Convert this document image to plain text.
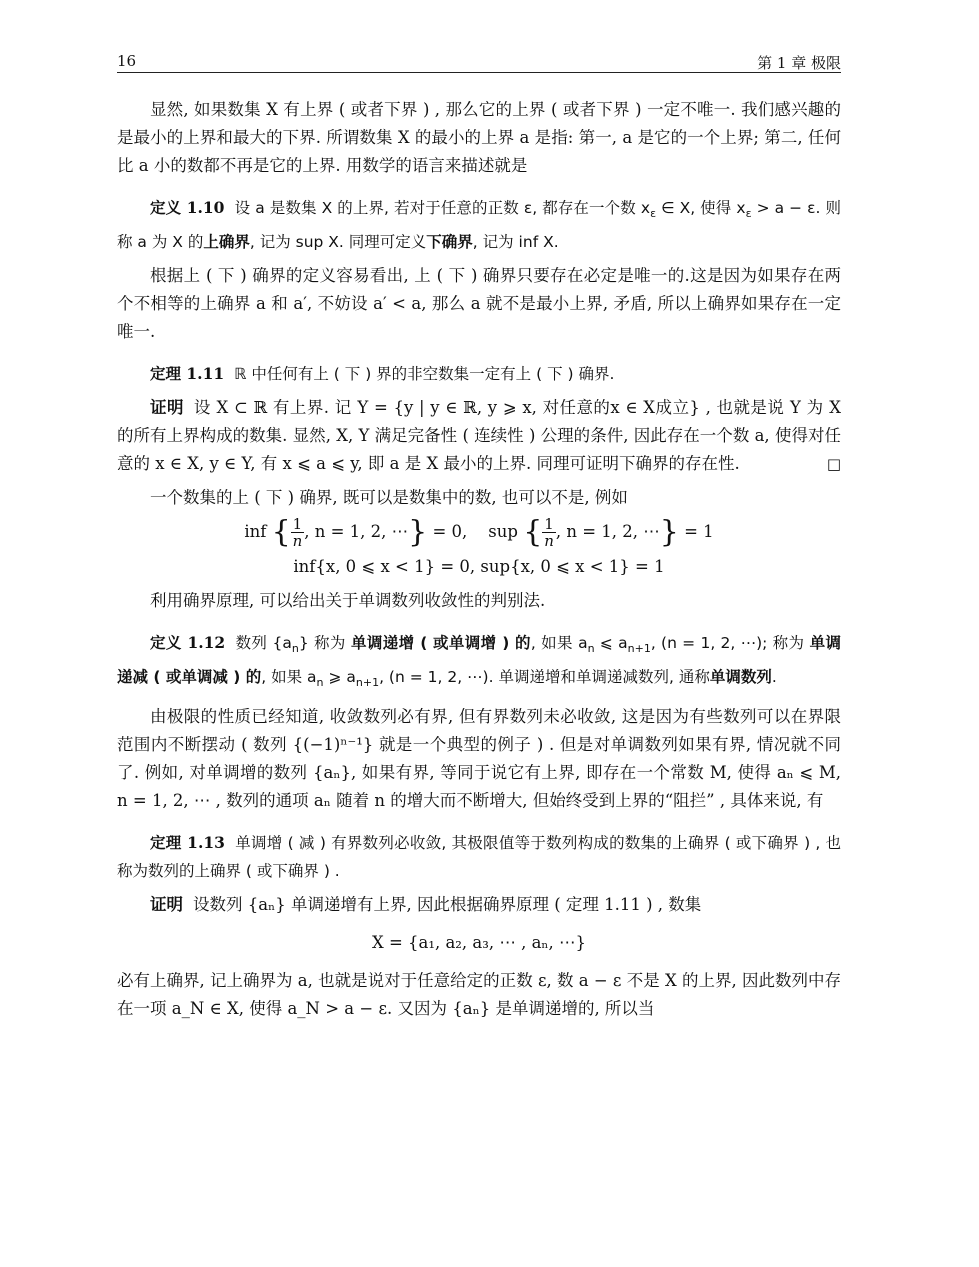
16	第 1 章 极限

显然, 如果数集 X 有上界 ( 或者下界 ) , 那么它的上界 ( 或者下界 ) 一定不唯一. 我们感兴趣的是最小的上界和最大的下界. 所谓数集 X 的最小的上界 a 是指: 第一, a 是它的一个上界; 第二, 任何比 a 小的数都不再是它的上界. 用数学的语言来描述就是

定义 1.10 设 a 是数集 X 的上界, 若对于任意的正数 ε, 都存在一个数 $x_\varepsilon$ ∈ X, 使得 $x_\varepsilon > a - \varepsilon$. 则称 a 为 X 的上确界, 记为 sup X. 同理可定义下确界, 记为 inf X.

根据上 ( 下 ) 确界的定义容易看出, 上 ( 下 ) 确界只要存在必定是唯一的.这是因为如果存在两个不相等的上确界 a 和 a′, 不妨设 a′ < a, 那么 a 就不是最小上界, 矛盾, 所以上确界如果存在一定唯一.

定理 1.11 ℝ 中任何有上 ( 下 ) 界的非空数集一定有上 ( 下 ) 确界.

证明 设 X ⊂ ℝ 有上界. 记 Y = {y | y ∈ ℝ, y ⩾ x, 对任意的x ∈ X成立} , 也就是说 Y 为 X 的所有上界构成的数集. 显然, X, Y 满足完备性 ( 连续性 ) 公理的条件, 因此存在一个数 a, 使得对任意的 x ∈ X, y ∈ Y, 有 x ⩽ a ⩽ y, 即 a 是 X 最小的上界. 同理可证明下确界的存在性.	□

一个数集的上 ( 下 ) 确界, 既可以是数集中的数, 也可以不是, 例如

inf { $\frac{1}{n}$ , n = 1, 2, ⋯} = 0, sup { $\frac{1}{n}$ , n = 1, 2, ⋯} = 1
inf{x, 0 ⩽ x < 1} = 0, sup{x, 0 ⩽ x < 1} = 1

利用确界原理, 可以给出关于单调数列收敛性的判别法.

定义 1.12 数列 $\{a_n\}$ 称为 单调递增 ( 或单调增 ) 的, 如果 $a_n$ ⩽ $a_{n+1}$, (n = 1, 2, ⋯); 称为 单调递减 ( 或单调减 ) 的, 如果 $a_n$ ⩾ $a_{n+1}$, (n = 1, 2, ⋯). 单调递增和单调递减数列, 通称单调数列.

由极限的性质已经知道, 收敛数列必有界, 但有界数列未必收敛, 这是因为有些数列可以在界限范围内不断摆动 ( 数列 {(−1)ⁿ⁻¹} 就是一个典型的例子 ) . 但是对单调数列如果有界, 情况就不同了. 例如, 对单调增的数列 {aₙ}, 如果有界, 等同于说它有上界, 即存在一个常数 M, 使得 aₙ ⩽ M, n = 1, 2, ⋯ , 数列的通项 aₙ 随着 n 的增大而不断增大, 但始终受到上界的“阻拦” , 具体来说, 有

定理 1.13 单调增 ( 减 ) 有界数列必收敛, 其极限值等于数列构成的数集的上确界 ( 或下确界 ) , 也称为数列的上确界 ( 或下确界 ) .

证明 设数列 {aₙ} 单调递增有上界, 因此根据确界原理 ( 定理 1.11 ) , 数集

X = {a₁, a₂, a₃, ⋯ , aₙ, ⋯}

必有上确界, 记上确界为 a, 也就是说对于任意给定的正数 ε, 数 a − ε 不是 X 的上界, 因此数列中存在一项 a_N ∈ X, 使得 a_N > a − ε. 又因为 {aₙ} 是单调递增的, 所以当
